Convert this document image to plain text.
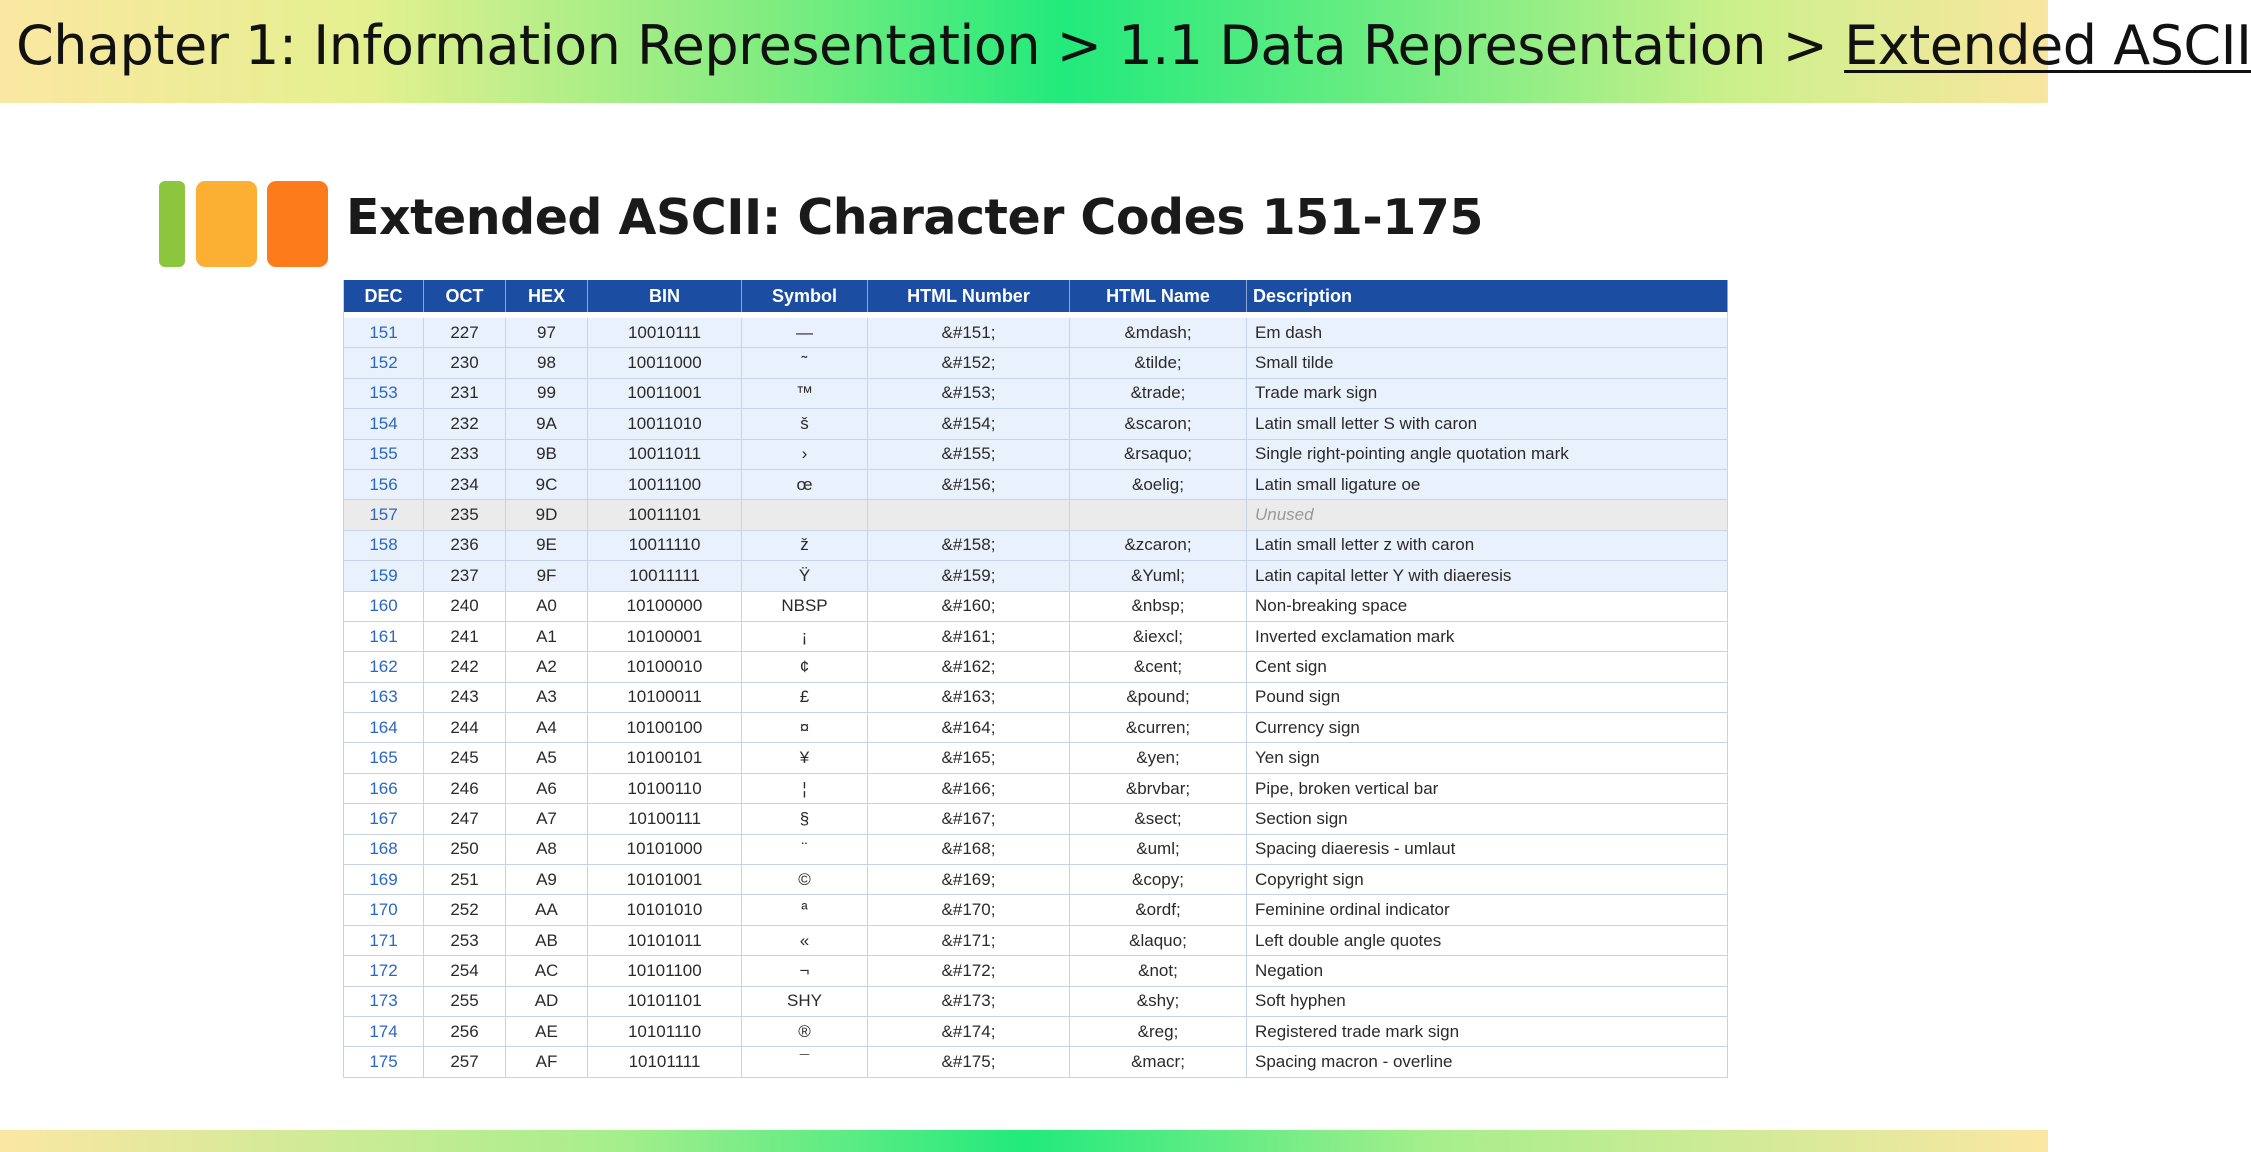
Chapter 1: Information Representation > 1.1 Data Representation > Extended ASCII
Extended ASCII: Character Codes 151-175
DEC	OCT	HEX	BIN	Symbol	HTML Number	HTML Name	Description

151	227	97	10010111	—	&#151;	&mdash;	Em dash
152	230	98	10011000	˜	&#152;	&tilde;	Small tilde
153	231	99	10011001	™	&#153;	&trade;	Trade mark sign
154	232	9A	10011010	š	&#154;	&scaron;	Latin small letter S with caron
155	233	9B	10011011	›	&#155;	&rsaquo;	Single right-pointing angle quotation mark
156	234	9C	10011100	œ	&#156;	&oelig;	Latin small ligature oe
157	235	9D	10011101				Unused
158	236	9E	10011110	ž	&#158;	&zcaron;	Latin small letter z with caron
159	237	9F	10011111	Ÿ	&#159;	&Yuml;	Latin capital letter Y with diaeresis
160	240	A0	10100000	NBSP	&#160;	&nbsp;	Non-breaking space
161	241	A1	10100001	¡	&#161;	&iexcl;	Inverted exclamation mark
162	242	A2	10100010	¢	&#162;	&cent;	Cent sign
163	243	A3	10100011	£	&#163;	&pound;	Pound sign
164	244	A4	10100100	¤	&#164;	&curren;	Currency sign
165	245	A5	10100101	¥	&#165;	&yen;	Yen sign
166	246	A6	10100110	¦	&#166;	&brvbar;	Pipe, broken vertical bar
167	247	A7	10100111	§	&#167;	&sect;	Section sign
168	250	A8	10101000	¨	&#168;	&uml;	Spacing diaeresis - umlaut
169	251	A9	10101001	©	&#169;	&copy;	Copyright sign
170	252	AA	10101010	ª	&#170;	&ordf;	Feminine ordinal indicator
171	253	AB	10101011	«	&#171;	&laquo;	Left double angle quotes
172	254	AC	10101100	¬	&#172;	&not;	Negation
173	255	AD	10101101	SHY	&#173;	&shy;	Soft hyphen
174	256	AE	10101110	®	&#174;	&reg;	Registered trade mark sign
175	257	AF	10101111	¯	&#175;	&macr;	Spacing macron - overline
